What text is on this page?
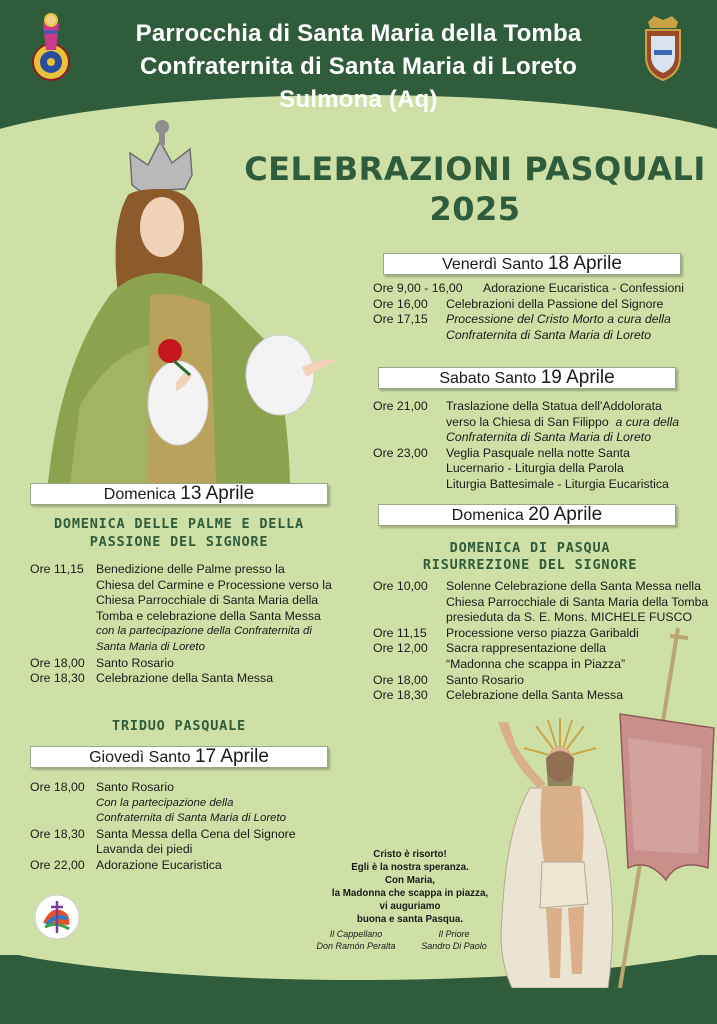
Parrocchia di Santa Maria della Tomba
Confraternita di Santa Maria di Loreto
Sulmona (Aq)
CELEBRAZIONI PASQUALI
2025
Domenica 13 Aprile
DOMENICA DELLE PALME E DELLA
PASSIONE DEL SIGNORE
Ore 11,15 Benedizione delle Palme presso la
Chiesa del Carmine e Processione verso la
Chiesa Parrocchiale di Santa Maria della
Tomba e celebrazione della Santa Messa
con la partecipazione della Confraternita di
Santa Maria di Loreto
Ore 18,00 Santo Rosario
Ore 18,30 Celebrazione della Santa Messa
TRIDUO PASQUALE
Giovedì Santo 17 Aprile
Ore 18,00 Santo Rosario
Con la partecipazione della
Confraternita di Santa Maria di Loreto
Ore 18,30 Santa Messa della Cena del Signore
Lavanda dei piedi
Ore 22,00 Adorazione Eucaristica
Venerdì Santo 18 Aprile
Ore 9,00 - 16,00	Adorazione Eucaristica - Confessioni
Ore 16,00	Celebrazioni della Passione del Signore
Ore 17,15	Processione del Cristo Morto a cura della
Confraternita di Santa Maria di Loreto
Sabato Santo 19 Aprile
Ore 21,00	Traslazione della Statua dell'Addolorata
verso la Chiesa di San Filippo a cura della
Confraternita di Santa Maria di Loreto
Ore 23,00	Veglia Pasquale nella notte Santa
Lucernario - Liturgia della Parola
Liturgia Battesimale - Liturgia Eucaristica
Domenica 20 Aprile
DOMENICA DI PASQUA
RISURREZIONE DEL SIGNORE
Ore 10,00	Solenne Celebrazione della Santa Messa nella
Chiesa Parrocchiale di Santa Maria della Tomba
presieduta da S. E. Mons. MICHELE FUSCO
Ore 11,15	Processione verso piazza Garibaldi
Ore 12,00	Sacra rappresentazione della
“Madonna che scappa in Piazza”
Ore 18,00	Santo Rosario
Ore 18,30	Celebrazione della Santa Messa
Cristo è risorto!
Egli è la nostra speranza.
Con Maria,
la Madonna che scappa in piazza,
vi auguriamo
buona e santa Pasqua.
Il Cappellano
Don Ramón Peralta
Il Priore
Sandro Di Paolo
